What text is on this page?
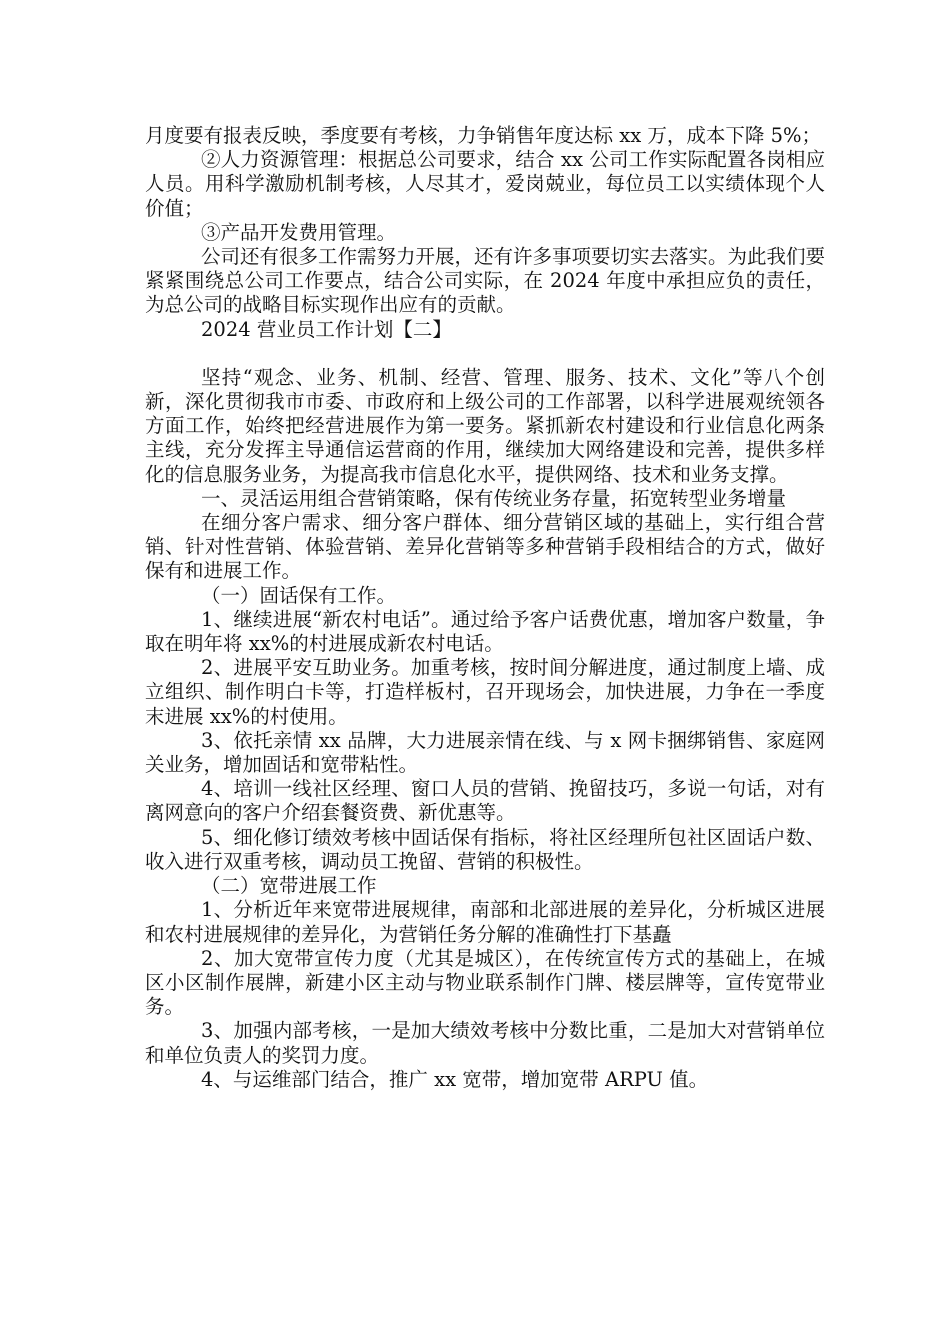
月度要有报表反映，季度要有考核，力争销售年度达标 xx 万，成本下降 5%；

②人力资源管理：根据总公司要求，结合 xx 公司工作实际配置各岗相应人员。用科学激励机制考核，人尽其才，爱岗兢业，每位员工以实绩体现个人价值；

③产品开发费用管理。

公司还有很多工作需努力开展，还有许多事项要切实去落实。为此我们要紧紧围绕总公司工作要点，结合公司实际，在 2024 年度中承担应负的责任，为总公司的战略目标实现作出应有的贡献。

2024 营业员工作计划【二】

坚持“观念、业务、机制、经营、管理、服务、技术、文化”等八个创新，深化贯彻我市市委、市政府和上级公司的工作部署，以科学进展观统领各方面工作，始终把经营进展作为第一要务。紧抓新农村建设和行业信息化两条主线，充分发挥主导通信运营商的作用，继续加大网络建设和完善，提供多样化的信息服务业务，为提高我市信息化水平，提供网络、技术和业务支撑。

一、灵活运用组合营销策略，保有传统业务存量，拓宽转型业务增量

在细分客户需求、细分客户群体、细分营销区域的基础上，实行组合营销、针对性营销、体验营销、差异化营销等多种营销手段相结合的方式，做好保有和进展工作。

（一）固话保有工作。

1、继续进展“新农村电话”。通过给予客户话费优惠，增加客户数量，争取在明年将 xx%的村进展成新农村电话。

2、进展平安互助业务。加重考核，按时间分解进度，通过制度上墙、成立组织、制作明白卡等，打造样板村，召开现场会，加快进展，力争在一季度末进展 xx%的村使用。

3、依托亲情 xx 品牌，大力进展亲情在线、与 x 网卡捆绑销售、家庭网关业务，增加固话和宽带粘性。

4、培训一线社区经理、窗口人员的营销、挽留技巧，多说一句话，对有离网意向的客户介绍套餐资费、新优惠等。

5、细化修订绩效考核中固话保有指标，将社区经理所包社区固话户数、收入进行双重考核，调动员工挽留、营销的积极性。

（二）宽带进展工作

1、分析近年来宽带进展规律，南部和北部进展的差异化，分析城区进展和农村进展规律的差异化，为营销任务分解的准确性打下基矗

2、加大宽带宣传力度（尤其是城区），在传统宣传方式的基础上，在城区小区制作展牌，新建小区主动与物业联系制作门牌、楼层牌等，宣传宽带业务。

3、加强内部考核，一是加大绩效考核中分数比重，二是加大对营销单位和单位负责人的奖罚力度。

4、与运维部门结合，推广 xx 宽带，增加宽带 ARPU 值。
